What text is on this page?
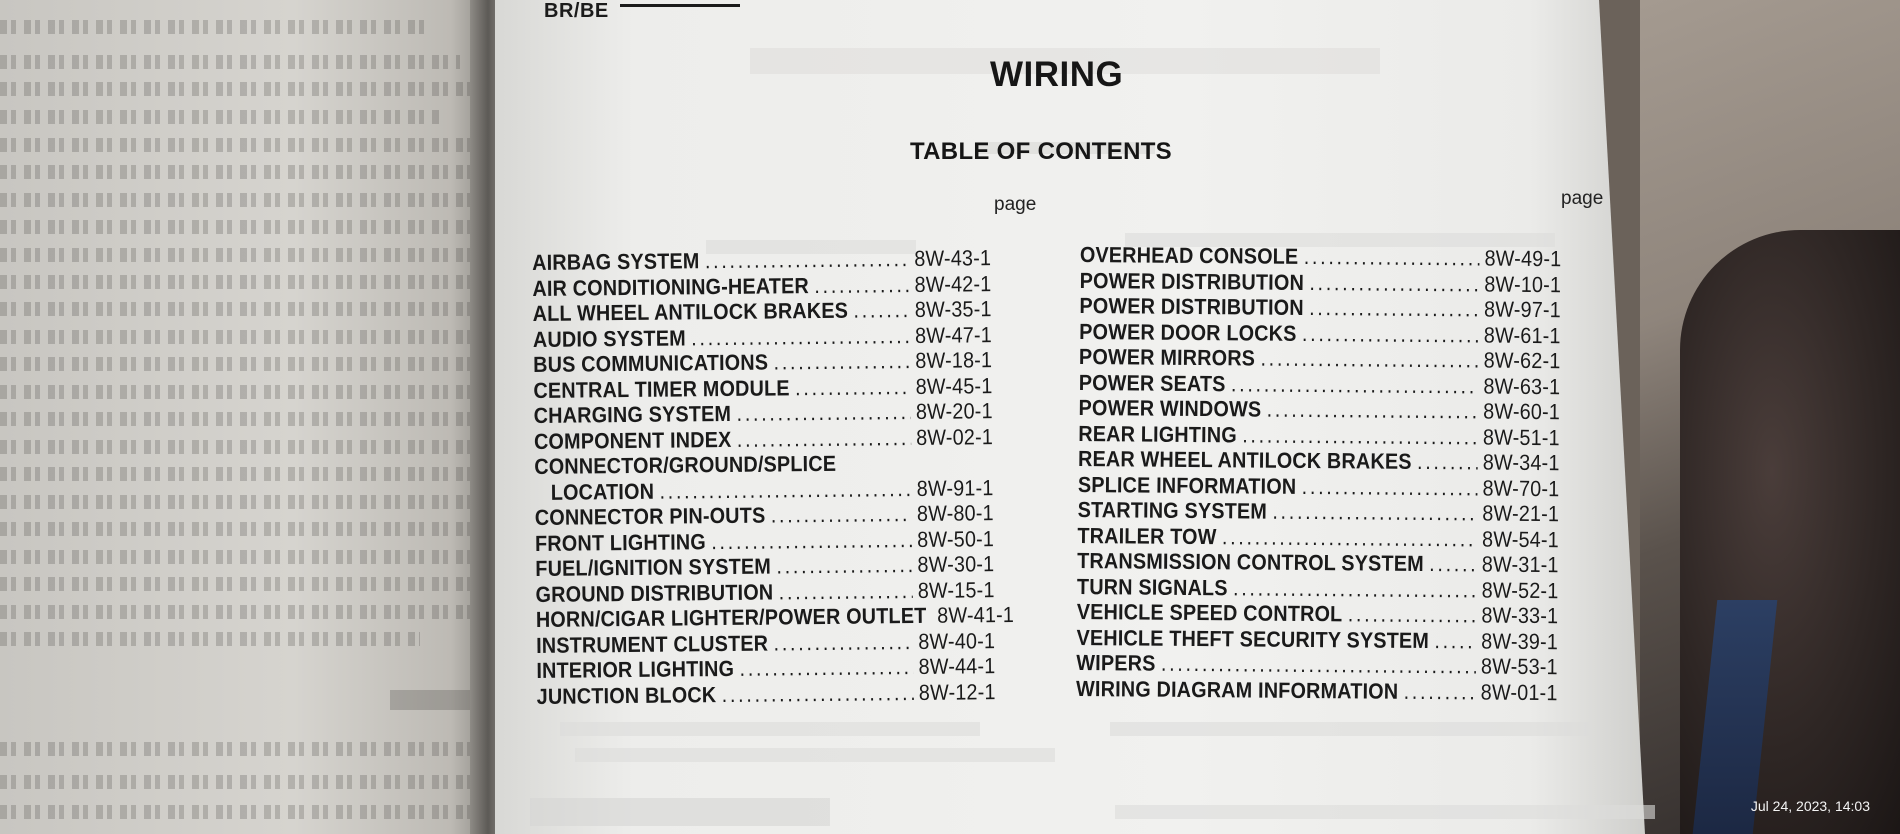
BR/BE
WIRING
TABLE OF CONTENTS
page	page
AIRBAG SYSTEM .....	8W-43-1
AIR CONDITIONING-HEATER .....	8W-42-1
ALL WHEEL ANTILOCK BRAKES .....	8W-35-1
AUDIO SYSTEM .....	8W-47-1
BUS COMMUNICATIONS .....	8W-18-1
CENTRAL TIMER MODULE .....	8W-45-1
CHARGING SYSTEM .....	8W-20-1
COMPONENT INDEX .....	8W-02-1
CONNECTOR/GROUND/SPLICE
LOCATION .....	8W-91-1
CONNECTOR PIN-OUTS .....	8W-80-1
FRONT LIGHTING .....	8W-50-1
FUEL/IGNITION SYSTEM .....	8W-30-1
GROUND DISTRIBUTION .....	8W-15-1
HORN/CIGAR LIGHTER/POWER OUTLET ..... 8W-41-1
INSTRUMENT CLUSTER .....	8W-40-1
INTERIOR LIGHTING .....	8W-44-1
JUNCTION BLOCK .....	8W-12-1
OVERHEAD CONSOLE .....	8W-49-1
POWER DISTRIBUTION .....	8W-10-1
POWER DISTRIBUTION .....	8W-97-1
POWER DOOR LOCKS .....	8W-61-1
POWER MIRRORS .....	8W-62-1
POWER SEATS .....	8W-63-1
POWER WINDOWS .....	8W-60-1
REAR LIGHTING .....	8W-51-1
REAR WHEEL ANTILOCK BRAKES .....	8W-34-1
SPLICE INFORMATION .....	8W-70-1
STARTING SYSTEM .....	8W-21-1
TRAILER TOW .....	8W-54-1
TRANSMISSION CONTROL SYSTEM .....	8W-31-1
TURN SIGNALS .....	8W-52-1
VEHICLE SPEED CONTROL .....	8W-33-1
VEHICLE THEFT SECURITY SYSTEM ..... 8W-39-1
WIPERS .....	8W-53-1
WIRING DIAGRAM INFORMATION .....	8W-01-1
Jul 24, 2023, 14:03
